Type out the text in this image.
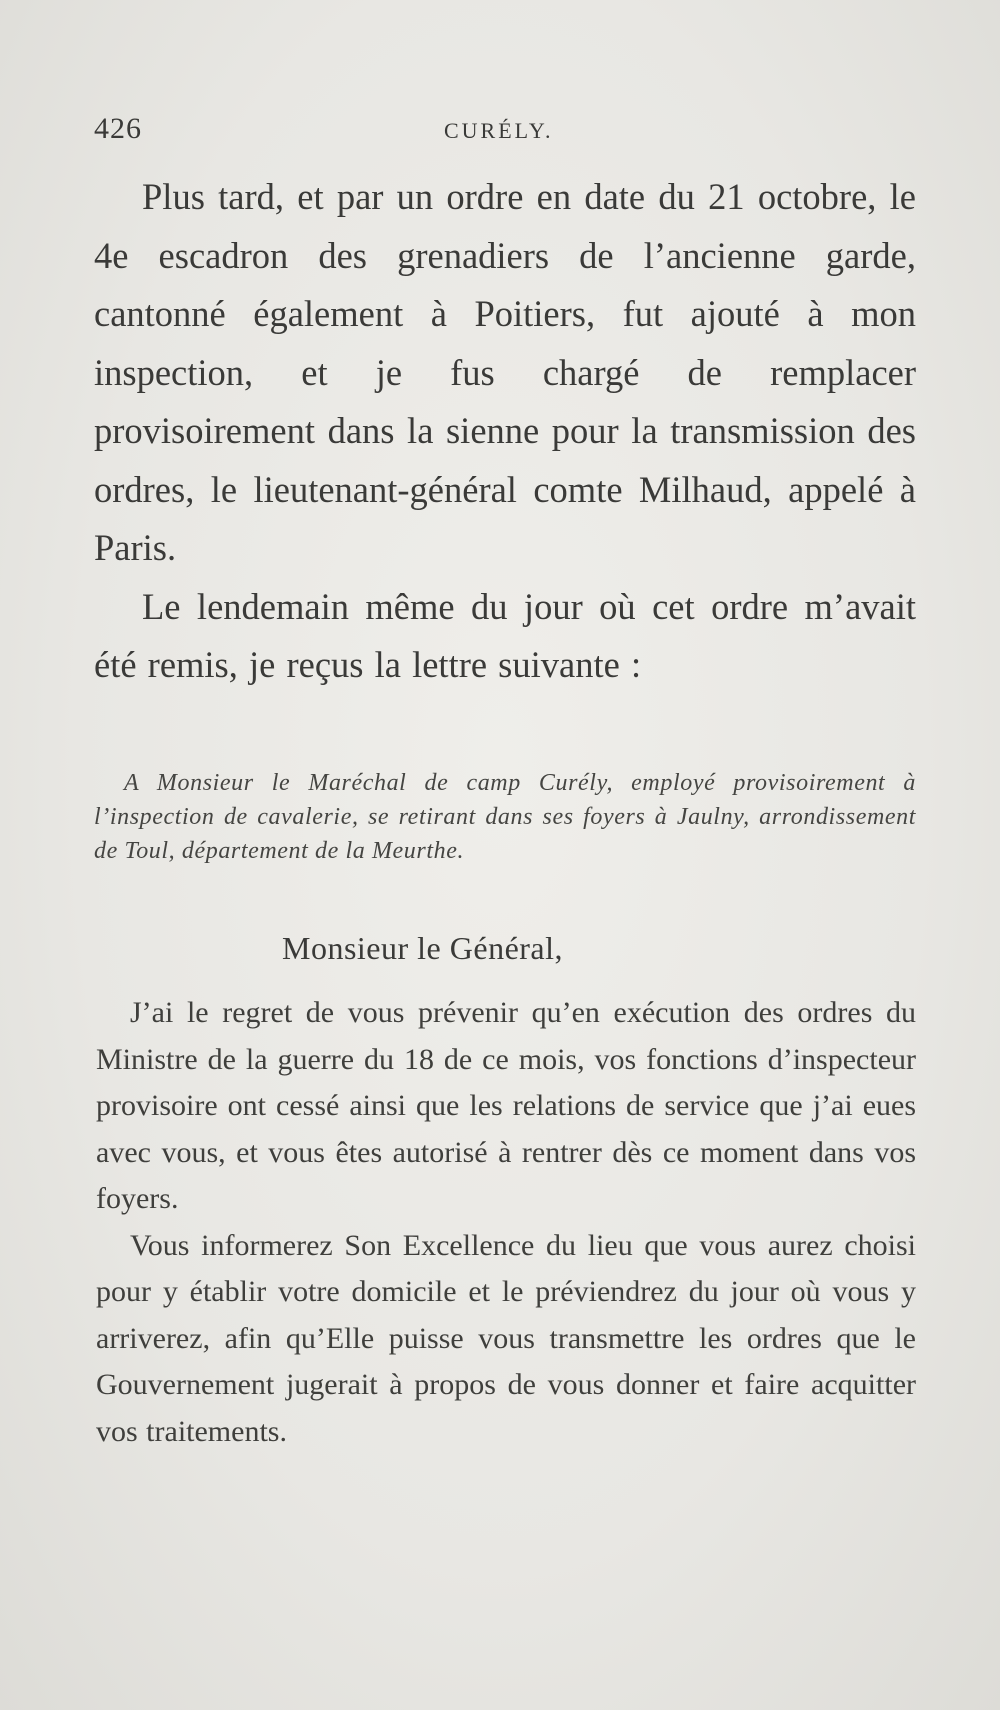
426	CURÉLY.

Plus tard, et par un ordre en date du 21 octobre, le 4e escadron des grenadiers de l’ancienne garde, cantonné également à Poitiers, fut ajouté à mon inspection, et je fus chargé de remplacer provisoirement dans la sienne pour la transmission des ordres, le lieutenant-général comte Milhaud, appelé à Paris.

Le lendemain même du jour où cet ordre m’avait été remis, je reçus la lettre suivante :

A Monsieur le Maréchal de camp Curély, employé provisoirement à l’inspection de cavalerie, se retirant dans ses foyers à Jaulny, arrondissement de Toul, département de la Meurthe.
Monsieur le Général,

J’ai le regret de vous prévenir qu’en exécution des ordres du Ministre de la guerre du 18 de ce mois, vos fonctions d’inspecteur provisoire ont cessé ainsi que les relations de service que j’ai eues avec vous, et vous êtes autorisé à rentrer dès ce moment dans vos foyers.

Vous informerez Son Excellence du lieu que vous aurez choisi pour y établir votre domicile et le préviendrez du jour où vous y arriverez, afin qu’Elle puisse vous transmettre les ordres que le Gouvernement jugerait à propos de vous donner et faire acquitter vos traitements.
